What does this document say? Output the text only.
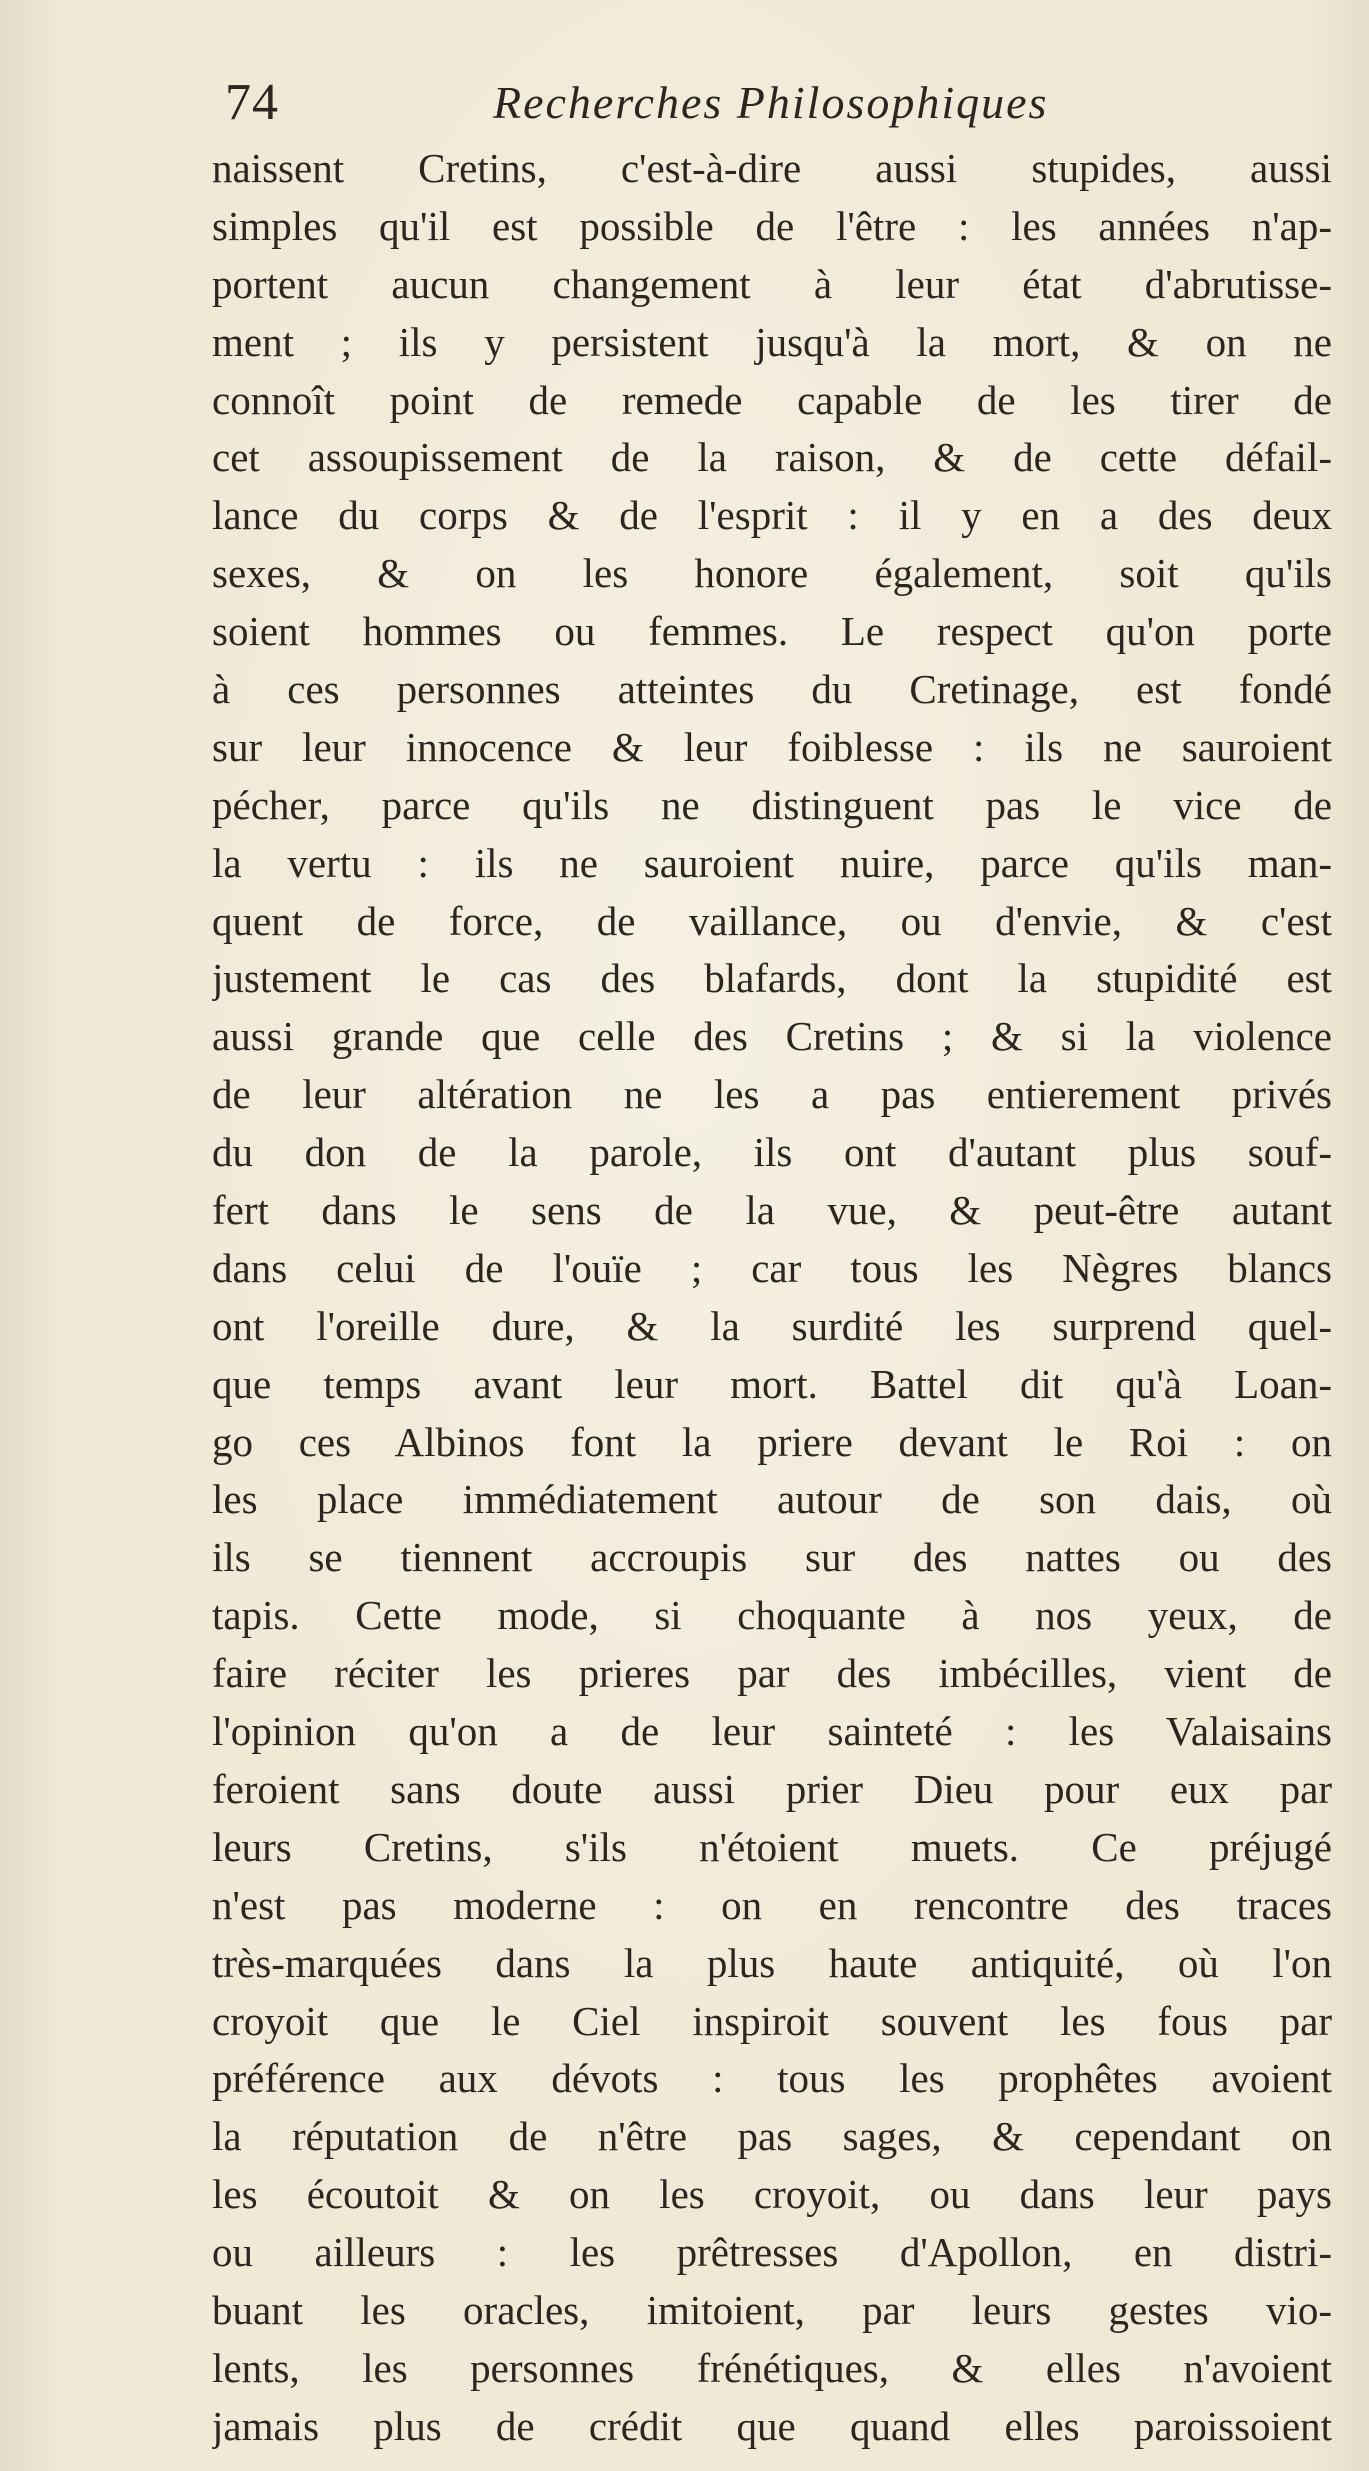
74	Recherches Philosophiques
naissent Cretins, c'est-à-dire aussi stupides, aussi
simples qu'il est possible de l'être : les années n'ap-
portent aucun changement à leur état d'abrutisse-
ment ; ils y persistent jusqu'à la mort, & on ne
connoît point de remede capable de les tirer de
cet assoupissement de la raison, & de cette défail-
lance du corps & de l'esprit : il y en a des deux
sexes, & on les honore également, soit qu'ils
soient hommes ou femmes. Le respect qu'on porte
à ces personnes atteintes du Cretinage, est fondé
sur leur innocence & leur foiblesse : ils ne sauroient
pécher, parce qu'ils ne distinguent pas le vice de
la vertu : ils ne sauroient nuire, parce qu'ils man-
quent de force, de vaillance, ou d'envie, & c'est
justement le cas des blafards, dont la stupidité est
aussi grande que celle des Cretins ; & si la violence
de leur altération ne les a pas entierement privés
du don de la parole, ils ont d'autant plus souf-
fert dans le sens de la vue, & peut-être autant
dans celui de l'ouïe ; car tous les Nègres blancs
ont l'oreille dure, & la surdité les surprend quel-
que temps avant leur mort. Battel dit qu'à Loan-
go ces Albinos font la priere devant le Roi : on
les place immédiatement autour de son dais, où
ils se tiennent accroupis sur des nattes ou des
tapis. Cette mode, si choquante à nos yeux, de
faire réciter les prieres par des imbécilles, vient de
l'opinion qu'on a de leur sainteté : les Valaisains
feroient sans doute aussi prier Dieu pour eux par
leurs Cretins, s'ils n'étoient muets. Ce préjugé
n'est pas moderne : on en rencontre des traces
très-marquées dans la plus haute antiquité, où l'on
croyoit que le Ciel inspiroit souvent les fous par
préférence aux dévots : tous les prophêtes avoient
la réputation de n'être pas sages, & cependant on
les écoutoit & on les croyoit, ou dans leur pays
ou ailleurs : les prêtresses d'Apollon, en distri-
buant les oracles, imitoient, par leurs gestes vio-
lents, les personnes frénétiques, & elles n'avoient
jamais plus de crédit que quand elles paroissoient
